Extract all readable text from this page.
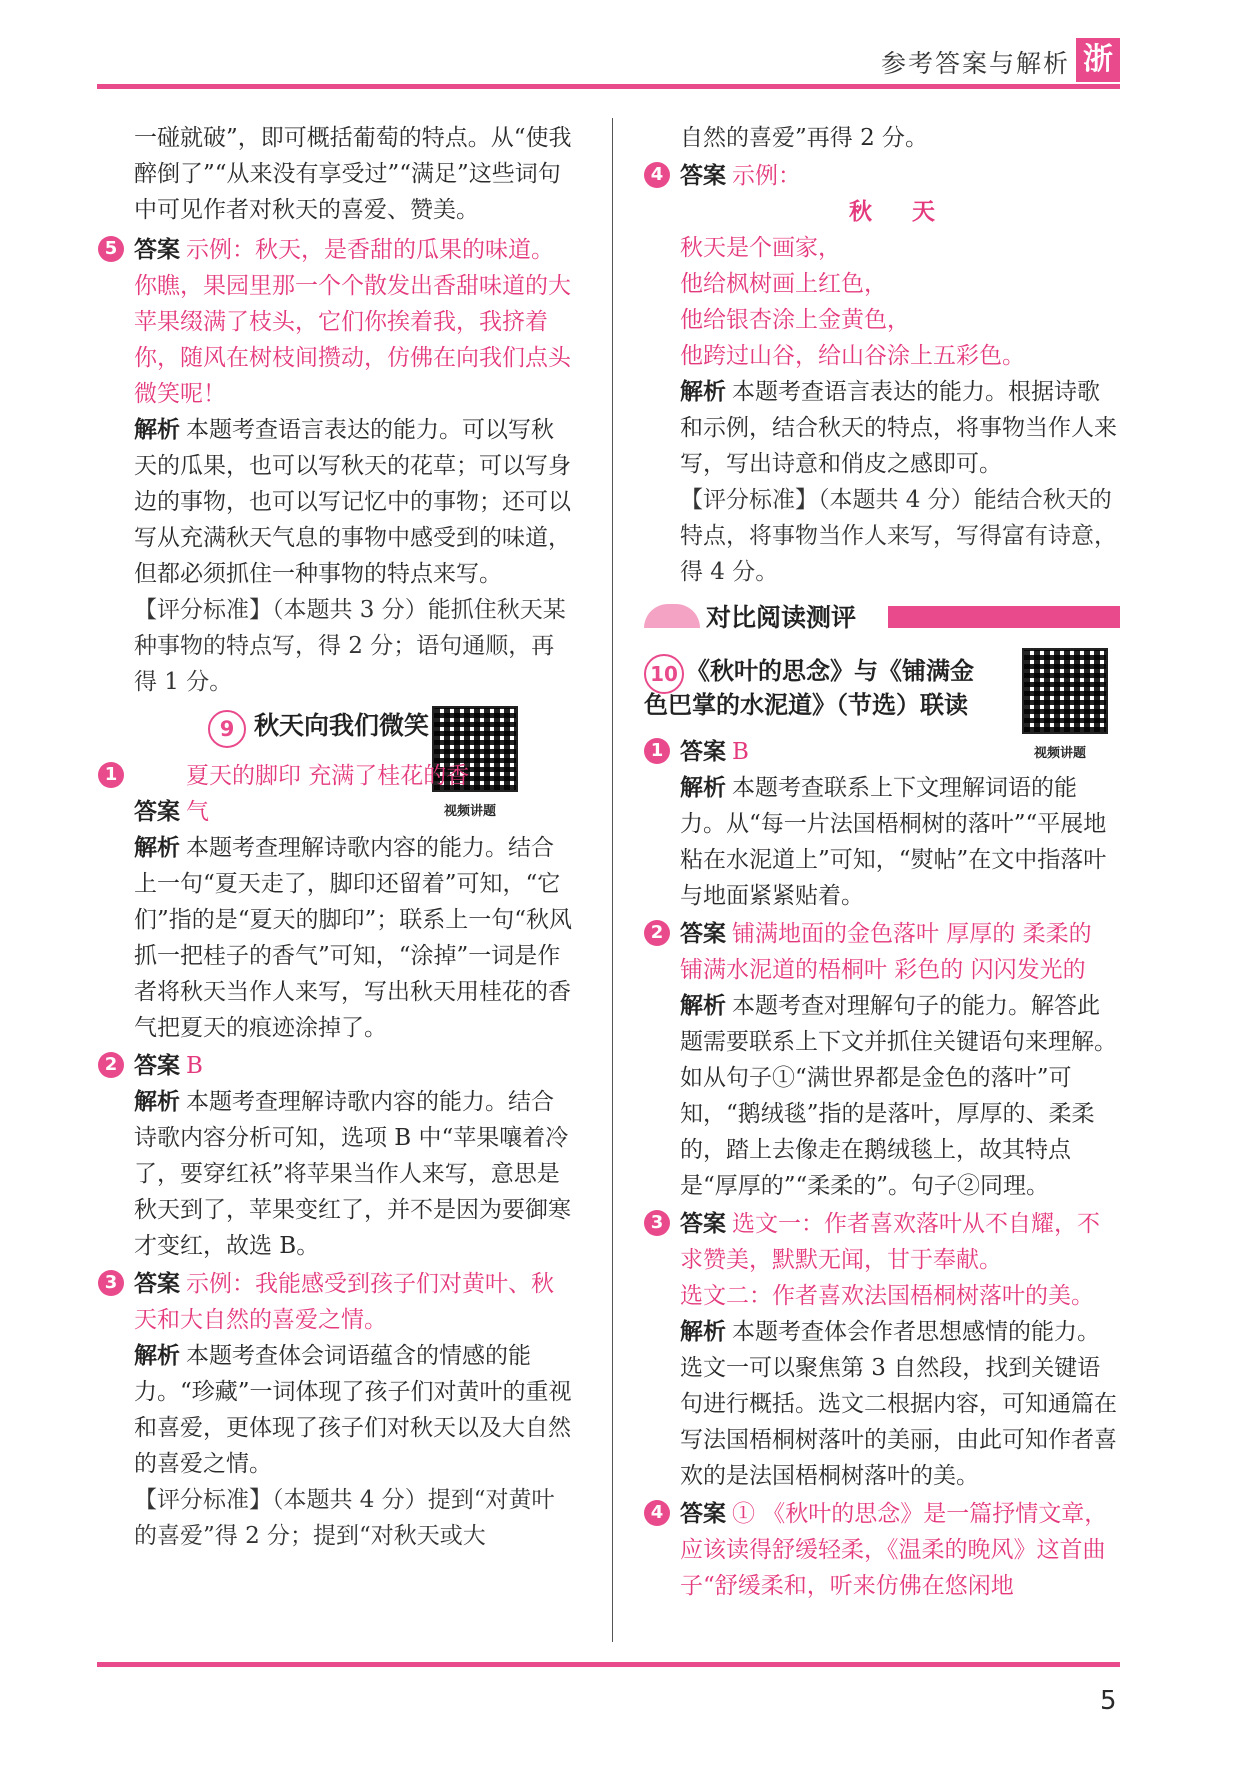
参考答案与解析 浙
一碰就破”，即可概括葡萄的特点。从“使我醉倒了”“从来没有享受过”“满足”这些词句中可见作者对秋天的喜爱、赞美。
5 答案 示例：秋天，是香甜的瓜果的味道。你瞧，果园里那一个个散发出香甜味道的大苹果缀满了枝头，它们你挨着我，我挤着你，随风在树枝间攒动，仿佛在向我们点头微笑呢！
解析 本题考查语言表达的能力。可以写秋天的瓜果，也可以写秋天的花草；可以写身边的事物，也可以写记忆中的事物；还可以写从充满秋天气息的事物中感受到的味道，但都必须抓住一种事物的特点来写。
【评分标准】（本题共 3 分）能抓住秋天某种事物的特点写，得 2 分；语句通顺，再得 1 分。
9 秋天向我们微笑
视频讲题
1
答案夏天的脚印 充满了桂花的香气
解析 本题考查理解诗歌内容的能力。结合上一句“夏天走了，脚印还留着”可知，“它们”指的是“夏天的脚印”；联系上一句“秋风抓一把桂子的香气”可知，“涂掉”一词是作者将秋天当作人来写，写出秋天用桂花的香气把夏天的痕迹涂掉了。
2 答案 B
解析 本题考查理解诗歌内容的能力。结合诗歌内容分析可知，选项 B 中“苹果嚷着冷了，要穿红袄”将苹果当作人来写，意思是秋天到了，苹果变红了，并不是因为要御寒才变红，故选 B。
3 答案 示例：我能感受到孩子们对黄叶、秋天和大自然的喜爱之情。
解析 本题考查体会词语蕴含的情感的能力。“珍藏”一词体现了孩子们对黄叶的重视和喜爱，更体现了孩子们对秋天以及大自然的喜爱之情。
【评分标准】（本题共 4 分）提到“对黄叶的喜爱”得 2 分；提到“对秋天或大
自然的喜爱”再得 2 分。
4 答案 示例：
秋 天
秋天是个画家，
他给枫树画上红色，
他给银杏涂上金黄色，
他跨过山谷，给山谷涂上五彩色。
解析 本题考查语言表达的能力。根据诗歌和示例，结合秋天的特点，将事物当作人来写，写出诗意和俏皮之感即可。
【评分标准】（本题共 4 分）能结合秋天的特点，将事物当作人来写，写得富有诗意，得 4 分。
对比阅读测评
10 《秋叶的思念》与《铺满金
色巴掌的水泥道》（节选）联读
视频讲题
1 答案 B
解析 本题考查联系上下文理解词语的能力。从“每一片法国梧桐树的落叶”“平展地粘在水泥道上”可知，“熨帖”在文中指落叶与地面紧紧贴着。
2 答案 铺满地面的金色落叶 厚厚的 柔柔的 铺满水泥道的梧桐叶 彩色的 闪闪发光的
解析 本题考查对理解句子的能力。解答此题需要联系上下文并抓住关键语句来理解。如从句子①“满世界都是金色的落叶”可知，“鹅绒毯”指的是落叶，厚厚的、柔柔的，踏上去像走在鹅绒毯上，故其特点是“厚厚的”“柔柔的”。句子②同理。
3 答案 选文一：作者喜欢落叶从不自耀，不求赞美，默默无闻，甘于奉献。
选文二：作者喜欢法国梧桐树落叶的美。
解析 本题考查体会作者思想感情的能力。选文一可以聚焦第 3 自然段，找到关键语句进行概括。选文二根据内容，可知通篇在写法国梧桐树落叶的美丽，由此可知作者喜欢的是法国梧桐树落叶的美。
4 答案 ① 《秋叶的思念》是一篇抒情文章，应该读得舒缓轻柔，《温柔的晚风》这首曲子“舒缓柔和，听来仿佛在悠闲地
5
